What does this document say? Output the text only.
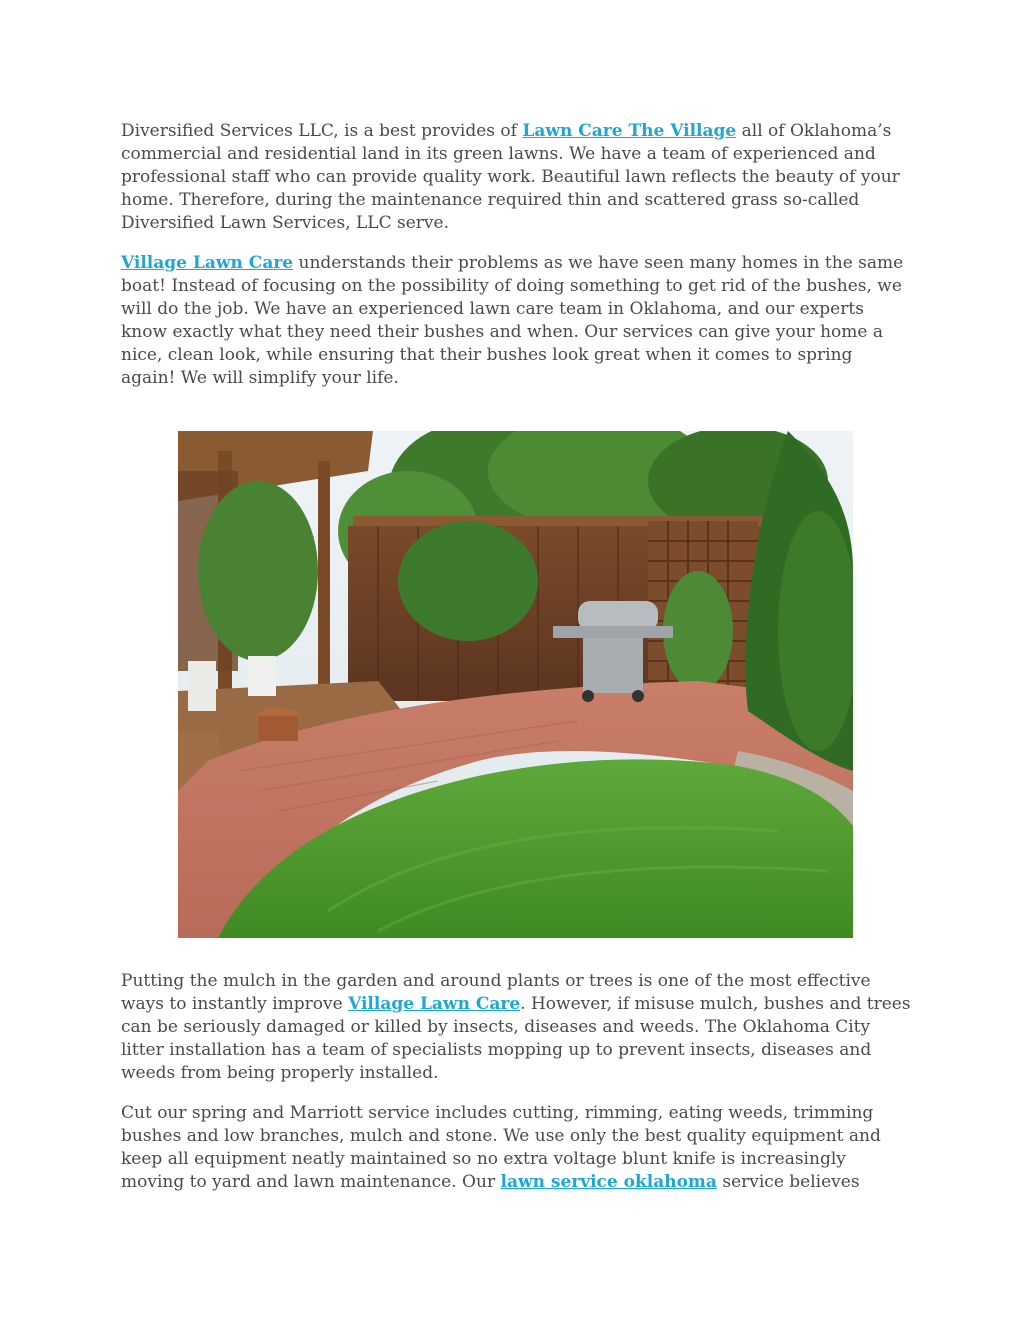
Diversified Services LLC, is a best provides of Lawn Care The Village all of Oklahoma’s commercial and residential land in its green lawns. We have a team of experienced and professional staff who can provide quality work. Beautiful lawn reflects the beauty of your home. Therefore, during the maintenance required thin and scattered grass so-called Diversified Lawn Services, LLC serve.

Village Lawn Care understands their problems as we have seen many homes in the same boat! Instead of focusing on the possibility of doing something to get rid of the bushes, we will do the job. We have an experienced lawn care team in Oklahoma, and our experts know exactly what they need their bushes and when. Our services can give your home a nice, clean look, while ensuring that their bushes look great when it comes to spring again! We will simplify your life.

Putting the mulch in the garden and around plants or trees is one of the most effective ways to instantly improve Village Lawn Care. However, if misuse mulch, bushes and trees can be seriously damaged or killed by insects, diseases and weeds. The Oklahoma City litter installation has a team of specialists mopping up to prevent insects, diseases and weeds from being properly installed.

Cut our spring and Marriott service includes cutting, rimming, eating weeds, trimming bushes and low branches, mulch and stone. We use only the best quality equipment and keep all equipment neatly maintained so no extra voltage blunt knife is increasingly moving to yard and lawn maintenance. Our lawn service oklahoma service believes
